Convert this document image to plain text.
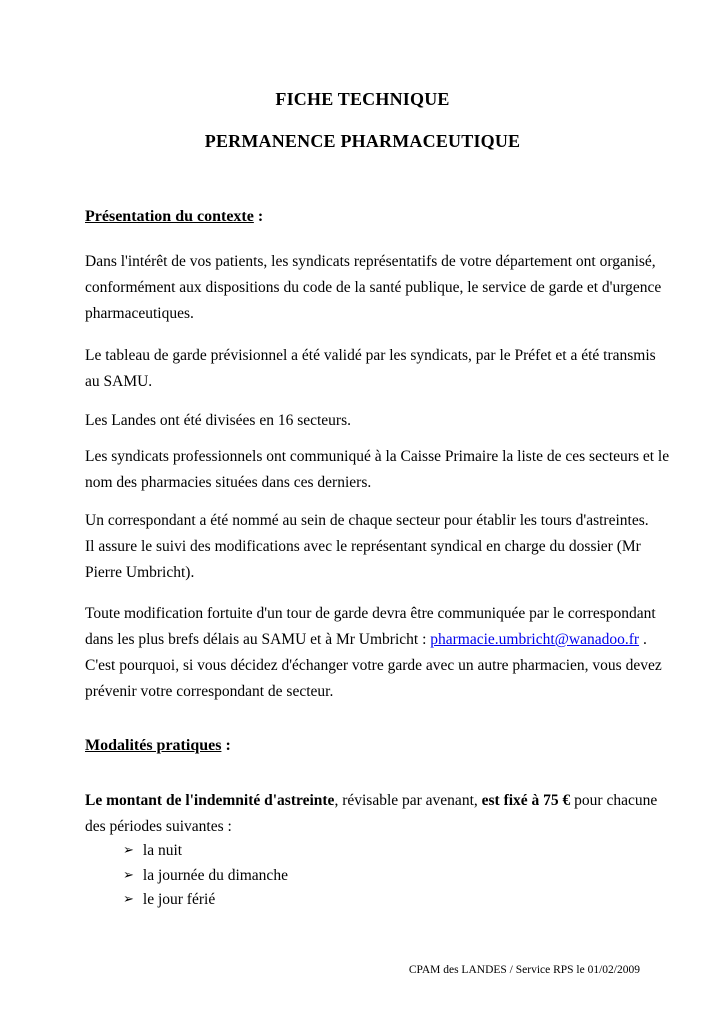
FICHE TECHNIQUE
PERMANENCE PHARMACEUTIQUE
Présentation du contexte :
Dans l'intérêt de vos patients, les syndicats représentatifs de votre département ont organisé,
conformément aux dispositions du code de la santé publique, le service de garde et d'urgence
pharmaceutiques.
Le tableau de garde prévisionnel a été validé par les syndicats, par le Préfet et a été transmis
au SAMU.
Les Landes ont été divisées en 16 secteurs.
Les syndicats professionnels ont communiqué à la Caisse Primaire la liste de ces secteurs et le
nom des pharmacies situées dans ces derniers.
Un correspondant a été nommé au sein de chaque secteur pour établir les tours d'astreintes.
Il assure le suivi des modifications avec le représentant syndical en charge du dossier (Mr
Pierre Umbricht).
Toute modification fortuite d'un tour de garde devra être communiquée par le correspondant
dans les plus brefs délais au SAMU et à Mr Umbricht : pharmacie.umbricht@wanadoo.fr .
C'est pourquoi, si vous décidez d'échanger votre garde avec un autre pharmacien, vous devez
prévenir votre correspondant de secteur.
Modalités pratiques :
Le montant de l'indemnité d'astreinte, révisable par avenant, est fixé à 75 € pour chacune
des périodes suivantes :
➢ la nuit
➢ la journée du dimanche
➢ le jour férié
CPAM des LANDES / Service RPS le 01/02/2009
